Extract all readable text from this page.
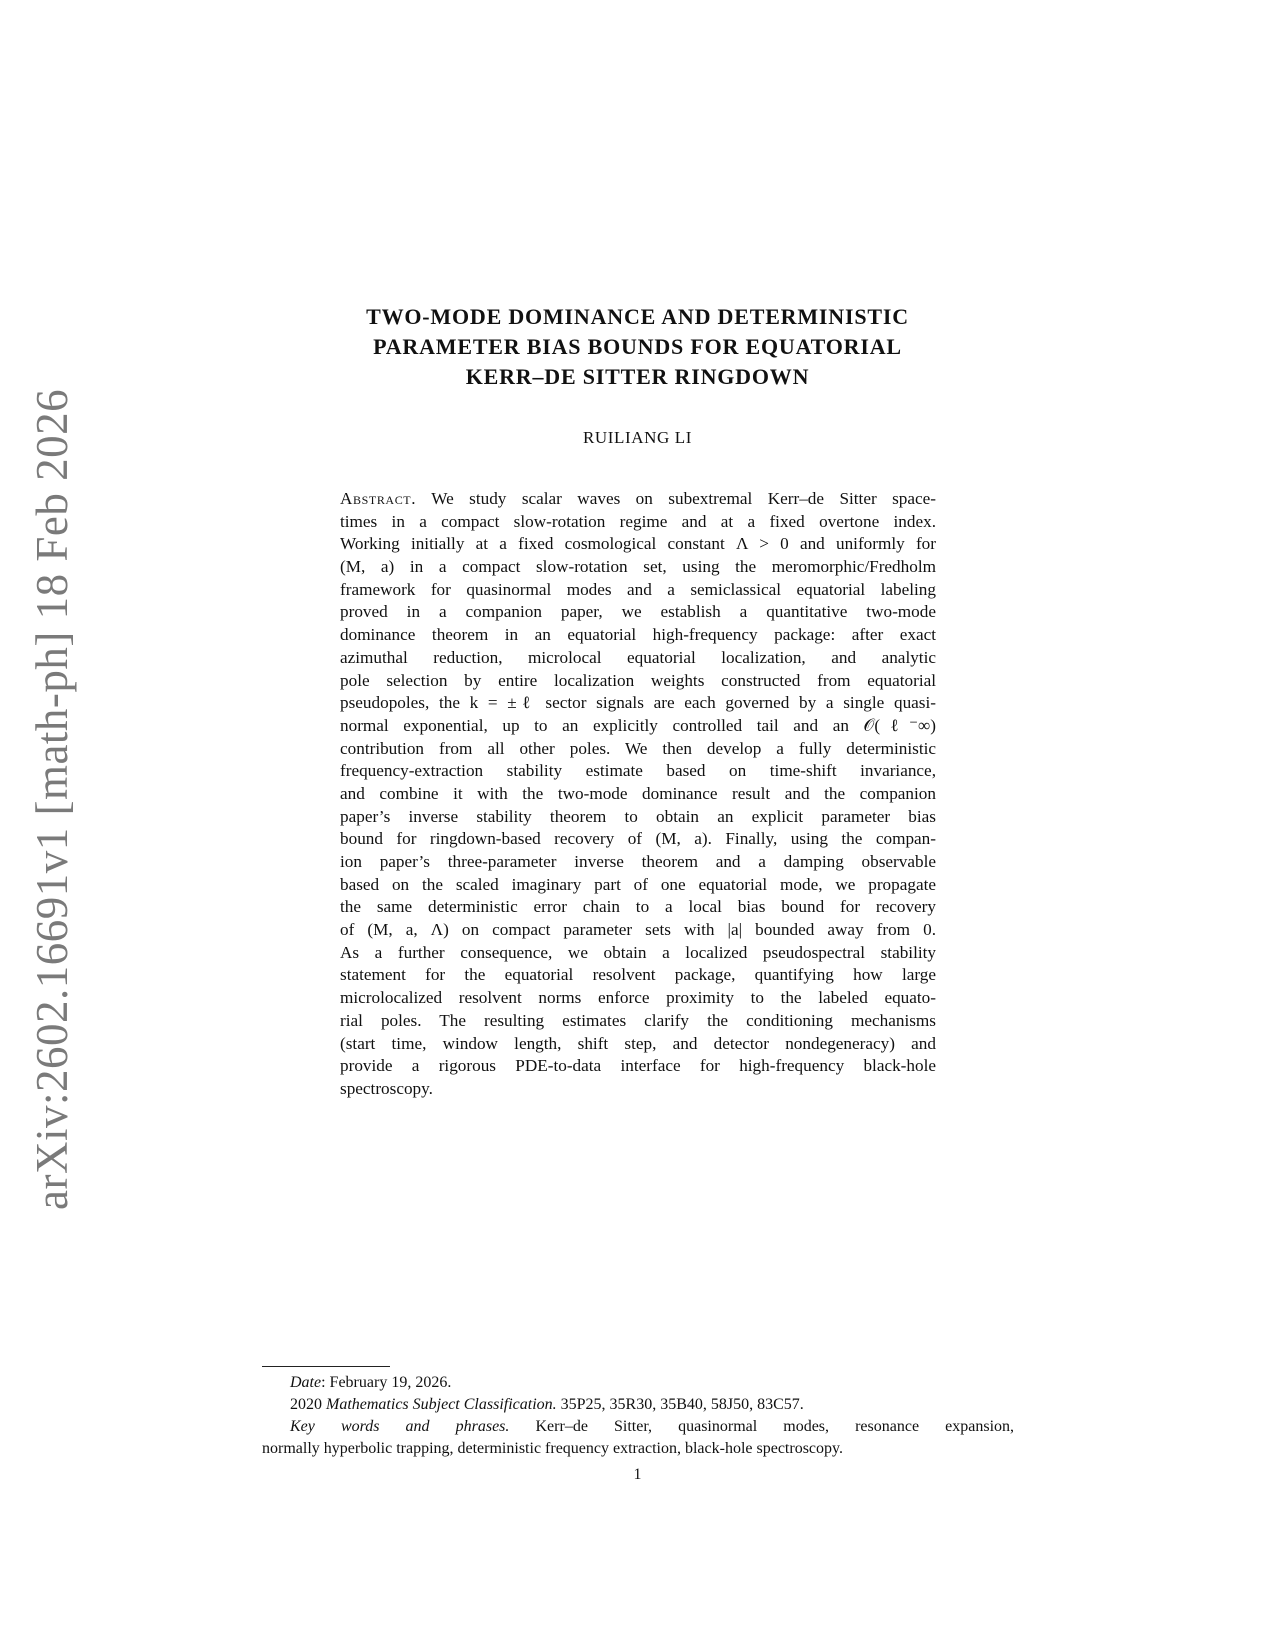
arXiv:2602.16691v1 [math-ph] 18 Feb 2026
TWO-MODE DOMINANCE AND DETERMINISTIC
PARAMETER BIAS BOUNDS FOR EQUATORIAL
KERR–DE SITTER RINGDOWN
RUILIANG LI
Abstract. We study scalar waves on subextremal Kerr–de Sitter space-
times in a compact slow-rotation regime and at a fixed overtone index.
Working initially at a fixed cosmological constant Λ > 0 and uniformly for
(M, a) in a compact slow-rotation set, using the meromorphic/Fredholm
framework for quasinormal modes and a semiclassical equatorial labeling
proved in a companion paper, we establish a quantitative two-mode
dominance theorem in an equatorial high-frequency package: after exact
azimuthal reduction, microlocal equatorial localization, and analytic
pole selection by entire localization weights constructed from equatorial
pseudopoles, the k = ±ℓ sector signals are each governed by a single quasi-
normal exponential, up to an explicitly controlled tail and an 𝒪(ℓ⁻∞)
contribution from all other poles. We then develop a fully deterministic
frequency-extraction stability estimate based on time-shift invariance,
and combine it with the two-mode dominance result and the companion
paper’s inverse stability theorem to obtain an explicit parameter bias
bound for ringdown-based recovery of (M, a). Finally, using the compan-
ion paper’s three-parameter inverse theorem and a damping observable
based on the scaled imaginary part of one equatorial mode, we propagate
the same deterministic error chain to a local bias bound for recovery
of (M, a, Λ) on compact parameter sets with |a| bounded away from 0.
As a further consequence, we obtain a localized pseudospectral stability
statement for the equatorial resolvent package, quantifying how large
microlocalized resolvent norms enforce proximity to the labeled equato-
rial poles. The resulting estimates clarify the conditioning mechanisms
(start time, window length, shift step, and detector nondegeneracy) and
provide a rigorous PDE-to-data interface for high-frequency black-hole
spectroscopy.
Date: February 19, 2026.
2020 Mathematics Subject Classification. 35P25, 35R30, 35B40, 58J50, 83C57.
Key words and phrases. Kerr–de Sitter, quasinormal modes, resonance expansion,
normally hyperbolic trapping, deterministic frequency extraction, black-hole spectroscopy.
1
